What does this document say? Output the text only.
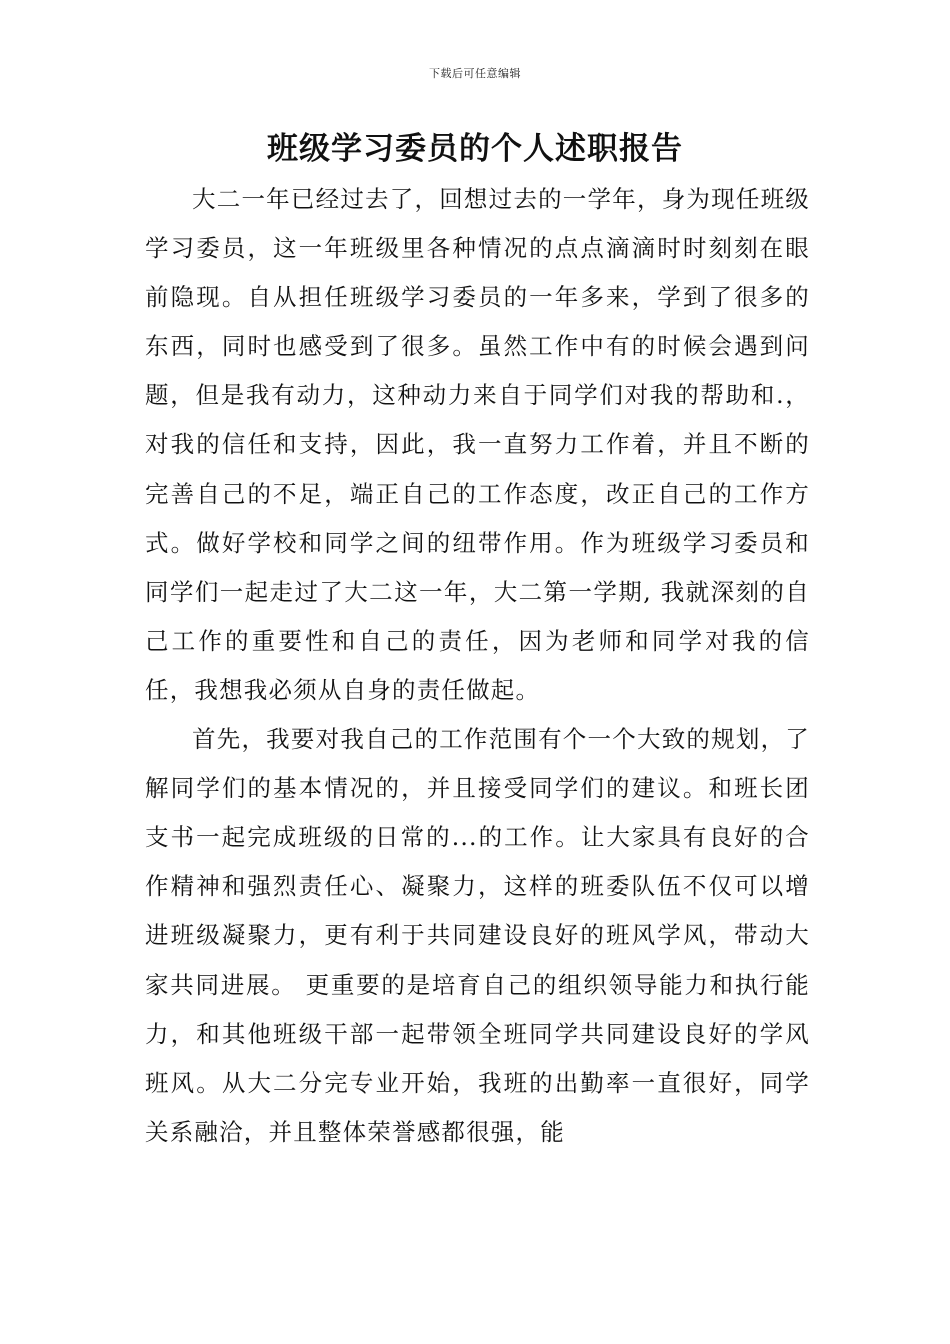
下载后可任意编辑
班级学习委员的个人述职报告

大二一年已经过去了，回想过去的一学年，身为现任班级学习委员，这一年班级里各种情况的点点滴滴时时刻刻在眼前隐现。自从担任班级学习委员的一年多来，学到了很多的东西，同时也感受到了很多。虽然工作中有的时候会遇到问题，但是我有动力，这种动力来自于同学们对我的帮助和.，对我的信任和支持，因此，我一直努力工作着，并且不断的完善自己的不足，端正自己的工作态度，改正自己的工作方式。做好学校和同学之间的纽带作用。作为班级学习委员和同学们一起走过了大二这一年，大二第一学期, 我就深刻的自己工作的重要性和自己的责任，因为老师和同学对我的信任，我想我必须从自身的责任做起。

首先，我要对我自己的工作范围有个一个大致的规划，了解同学们的基本情况的，并且接受同学们的建议。和班长团支书一起完成班级的日常的...的工作。让大家具有良好的合作精神和强烈责任心、凝聚力，这样的班委队伍不仅可以增进班级凝聚力，更有利于共同建设良好的班风学风，带动大家共同进展。 更重要的是培育自己的组织领导能力和执行能力，和其他班级干部一起带领全班同学共同建设良好的学风班风。从大二分完专业开始，我班的出勤率一直很好，同学关系融洽，并且整体荣誉感都很强，能
